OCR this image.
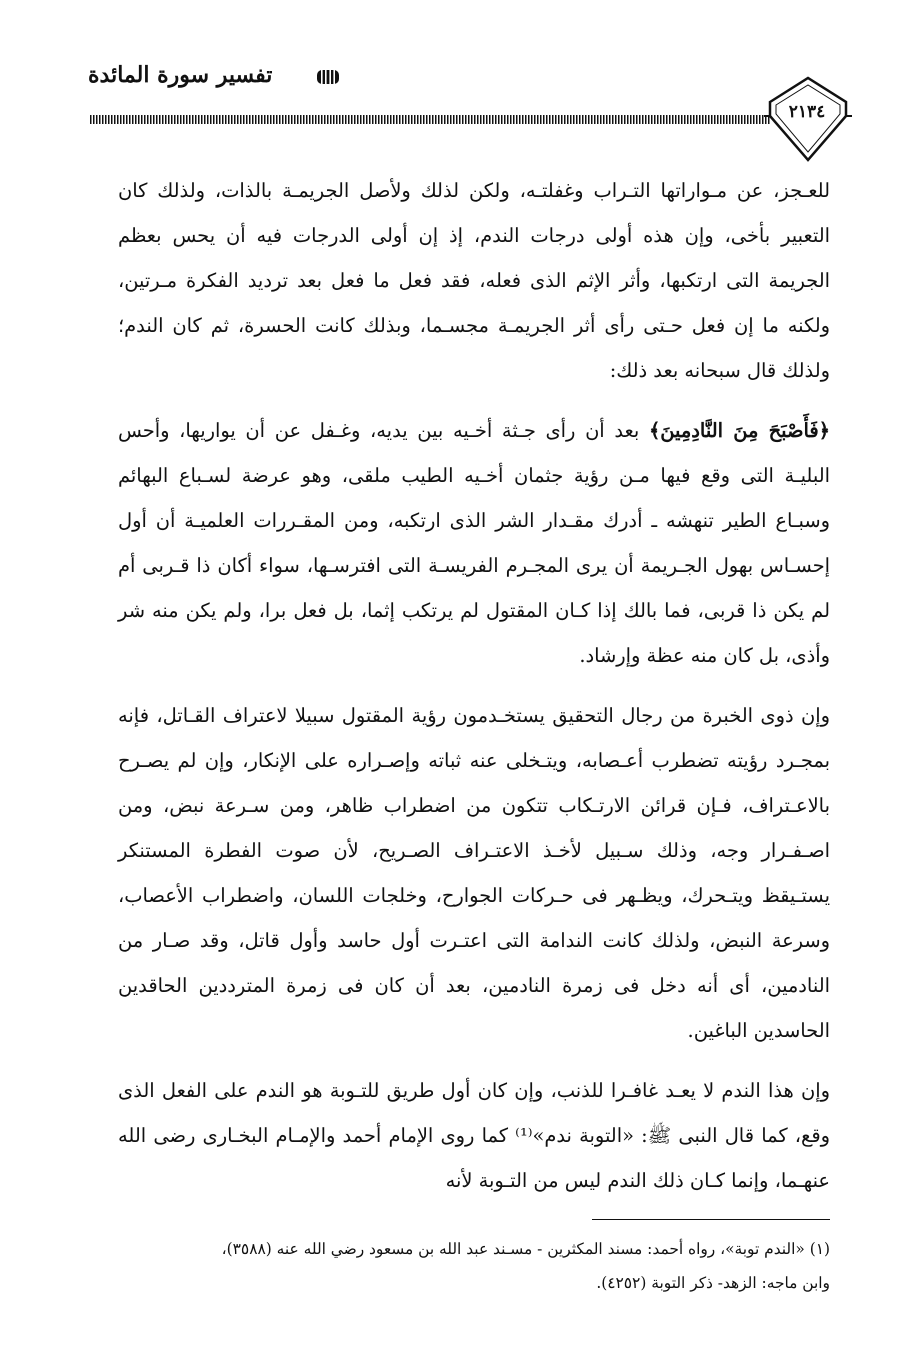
تفسير سورة المائدة
٢١٣٤

للعـجز، عن مـواراتها التـراب وغفلتـه، ولكن لذلك ولأصل الجريمـة بالذات، ولذلك كان التعبير بأخى، وإن هذه أولى درجات الندم، إذ إن أولى الدرجات فيه أن يحس بعظم الجريمة التى ارتكبها، وأثر الإثم الذى فعله، فقد فعل ما فعل بعد ترديد الفكرة مـرتين، ولكنه ما إن فعل حـتى رأى أثر الجريمـة مجسـما، وبذلك كانت الحسرة، ثم كان الندم؛ ولذلك قال سبحانه بعد ذلك:

﴿فَأَصْبَحَ مِنَ النَّادِمِينَ﴾ بعد أن رأى جـثة أخـيه بين يديه، وغـفل عن أن يواريها، وأحس البليـة التى وقع فيها مـن رؤية جثمان أخـيه الطيب ملقى، وهو عرضة لسـباع البهائم وسبـاع الطير تنهشه ـ أدرك مقـدار الشر الذى ارتكبه، ومن المقـررات العلميـة أن أول إحسـاس بهول الجـريمة أن يرى المجـرم الفريسـة التى افترسـها، سواء أكان ذا قـربى أم لم يكن ذا قربى، فما بالك إذا كـان المقتول لم يرتكب إثما، بل فعل برا، ولم يكن منه شر وأذى، بل كان منه عظة وإرشاد.

وإن ذوى الخبرة من رجال التحقيق يستخـدمون رؤية المقتول سبيلا لاعتراف القـاتل، فإنه بمجـرد رؤيته تضطرب أعـصابه، ويتـخلى عنه ثباته وإصـراره على الإنكار، وإن لم يصـرح بالاعـتراف، فـإن قرائن الارتـكاب تتكون من اضطراب ظاهر، ومن سـرعة نبض، ومن اصـفـرار وجه، وذلك سـبيل لأخـذ الاعتـراف الصـريح، لأن صوت الفطرة المستنكر يستـيقظ ويتـحرك، ويظـهر فى حـركات الجوارح، وخلجات اللسان، واضطراب الأعصاب، وسرعة النبض، ولذلك كانت الندامة التى اعتـرت أول حاسد وأول قاتل، وقد صـار من النادمين، أى أنه دخل فى زمرة النادمين، بعد أن كان فى زمرة المترددين الحاقدين الحاسدين الباغين.

وإن هذا الندم لا يعـد غافـرا للذنب، وإن كان أول طريق للتـوبة هو الندم على الفعل الذى وقع، كما قال النبى ﷺ: «التوبة ندم»⁽¹⁾ كما روى الإمام أحمد والإمـام البخـارى رضى الله عنهـما، وإنما كـان ذلك الندم ليس من التـوبة لأنه

(١) «الندم توبة»، رواه أحمد: مسند المكثرين - مسـند عبد الله بن مسعود رضي الله عنه (٣٥٨٨)،
وابن ماجه: الزهد- ذكر التوبة (٤٢٥٢).
